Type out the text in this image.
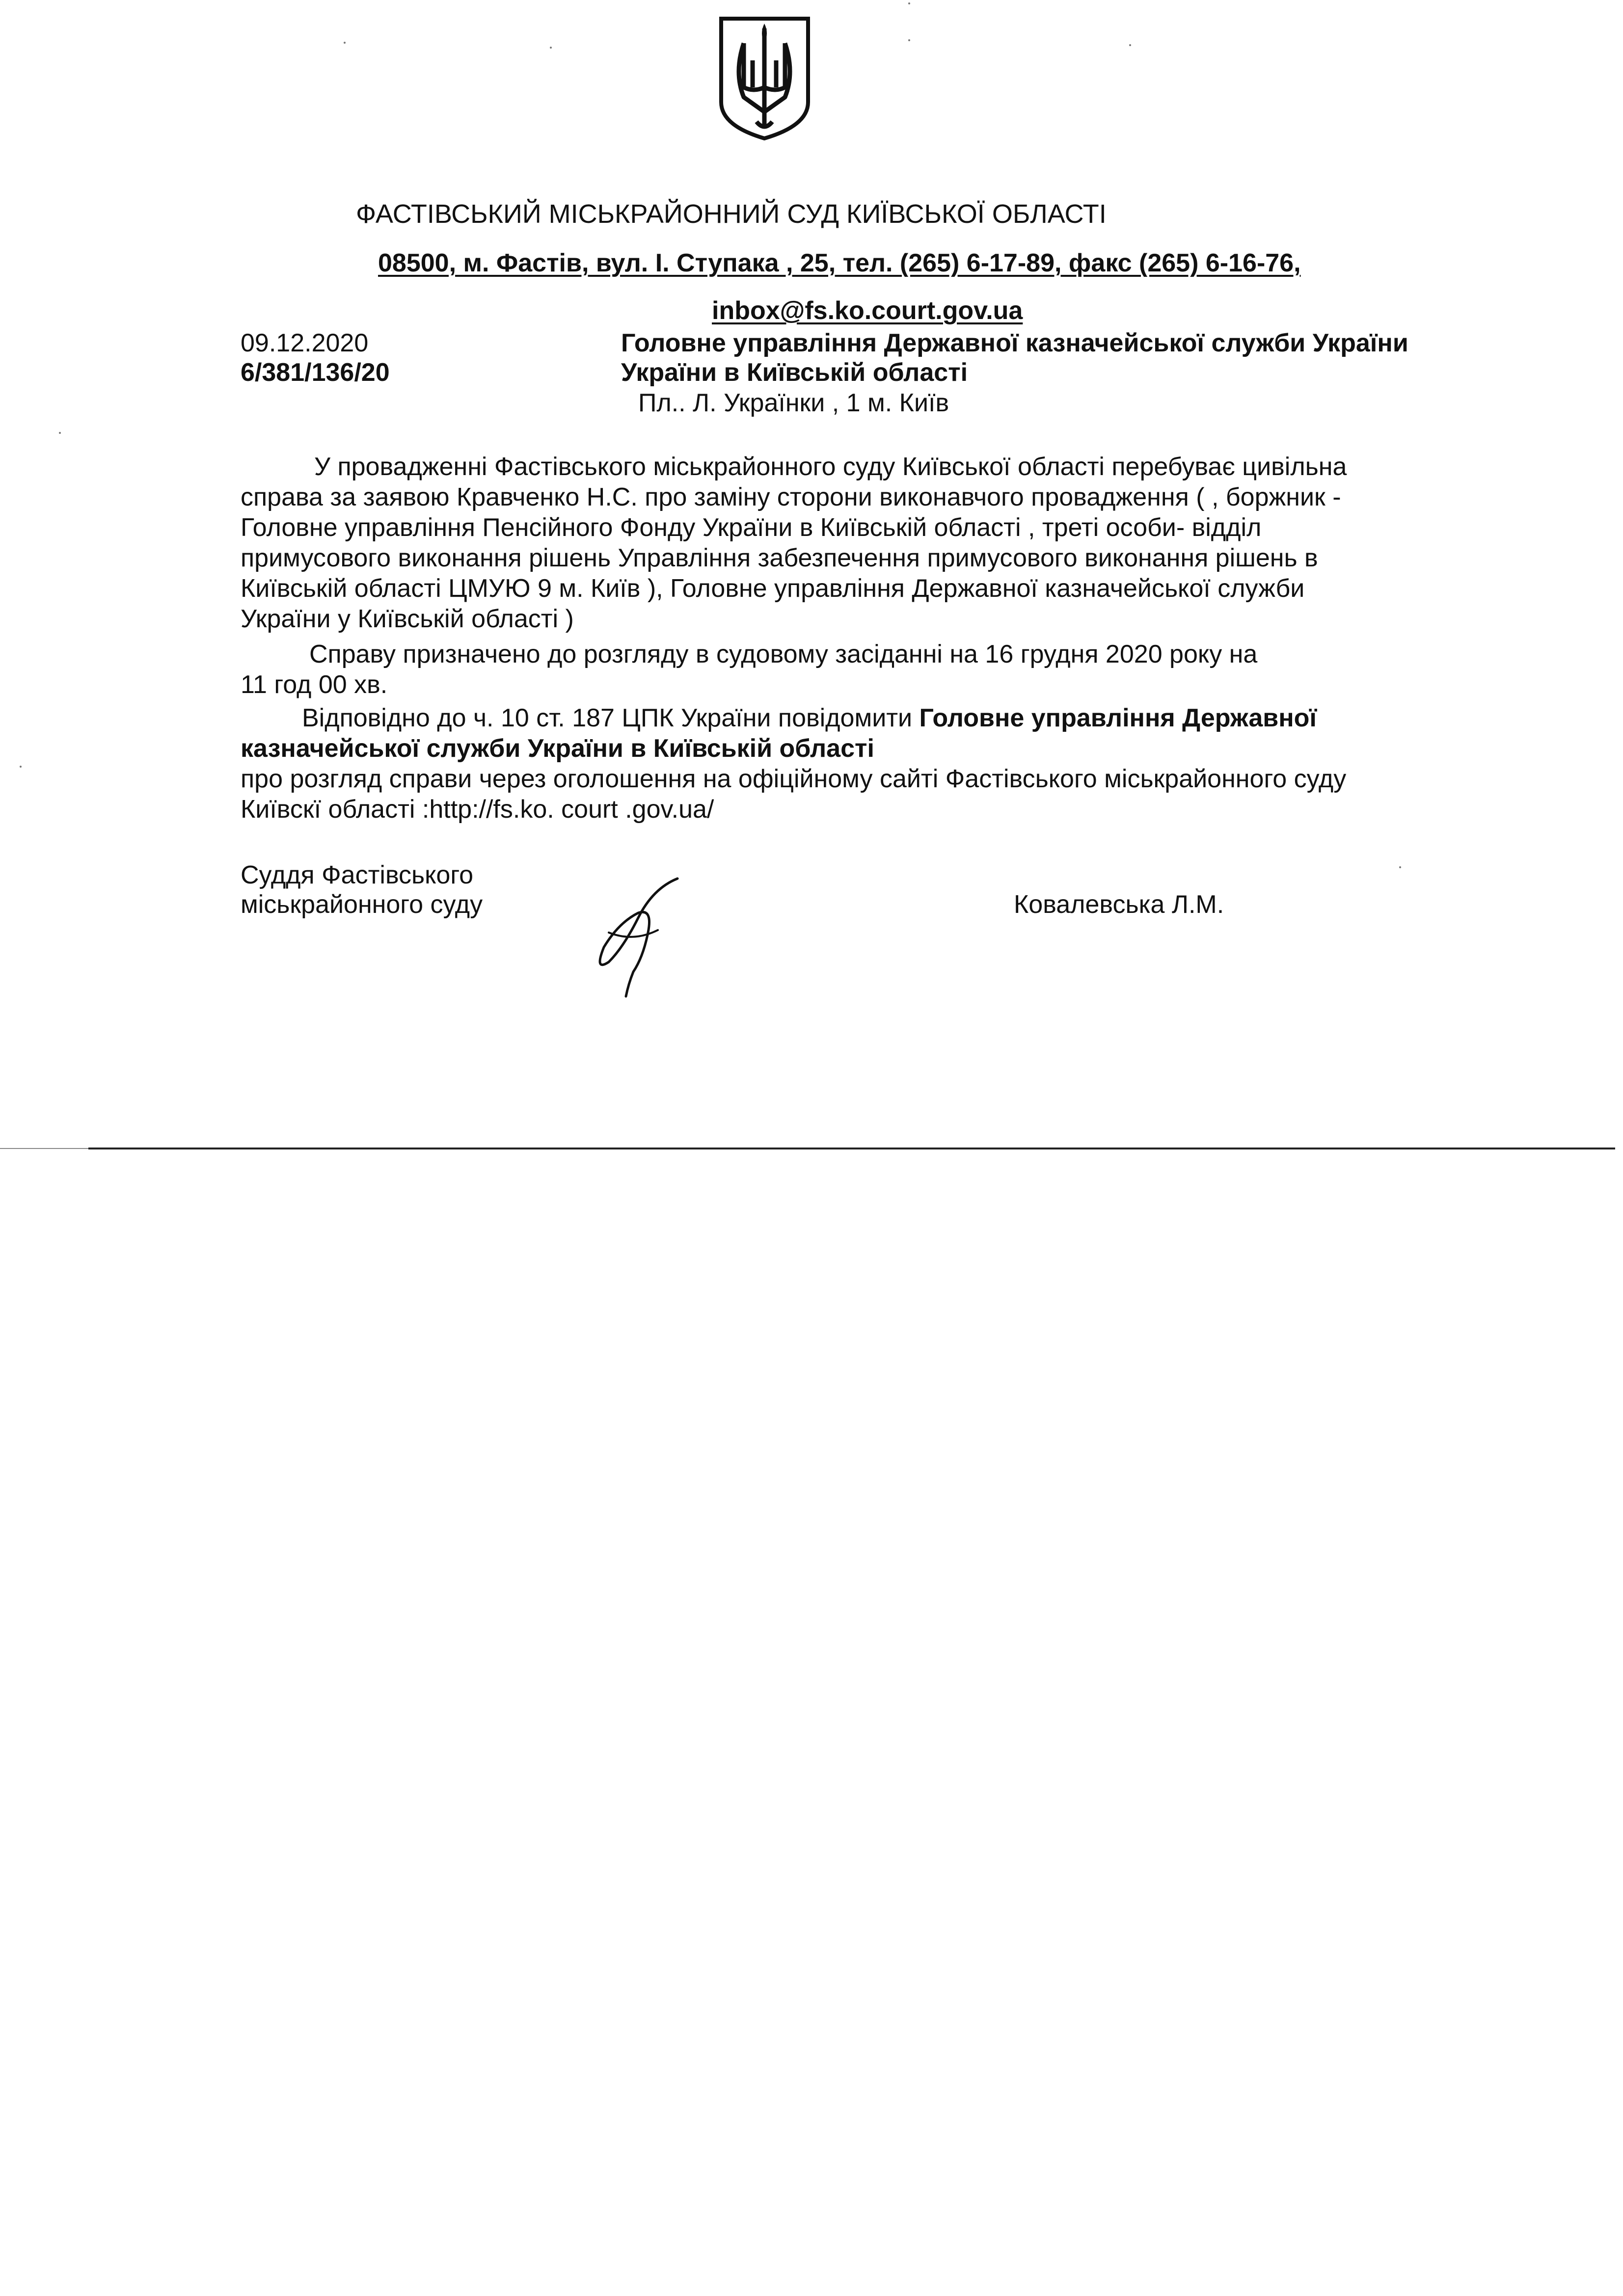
ФАСТІВСЬКИЙ МІСЬКРАЙОННИЙ СУД КИЇВСЬКОЇ ОБЛАСТІ
08500, м. Фастів, вул. І. Ступака , 25, тел. (265) 6-17-89, факс (265) 6-16-76,
inbox@fs.ko.court.gov.ua
09.12.2020
6/381/136/20
Головне управління Державної казначейської служби України
України в Київській області
Пл.. Л. Українки , 1 м. Київ
У провадженні Фастівського міськрайонного суду Київської області перебуває цивільна
справа за заявою Кравченко Н.С. про заміну сторони виконавчого провадження ( , боржник -
Головне управління Пенсійного Фонду України в Київській області , треті особи- відділ
примусового виконання рішень Управління забезпечення примусового виконання рішень в
Київській області ЦМУЮ 9 м. Київ ), Головне управління Державної казначейської служби
України у Київській області )
Справу призначено до розгляду в судовому засіданні на 16 грудня 2020 року на
11 год 00 хв.
Відповідно до ч. 10 ст. 187 ЦПК України повідомити Головне управління Державної
казначейської служби України в Київській області
про розгляд справи через оголошення на офіційному сайті Фастівського міськрайонного суду
Київскї області :http://fs.ko. court .gov.ua/
Суддя Фастівського
міськрайонного суду	Ковалевська Л.М.
